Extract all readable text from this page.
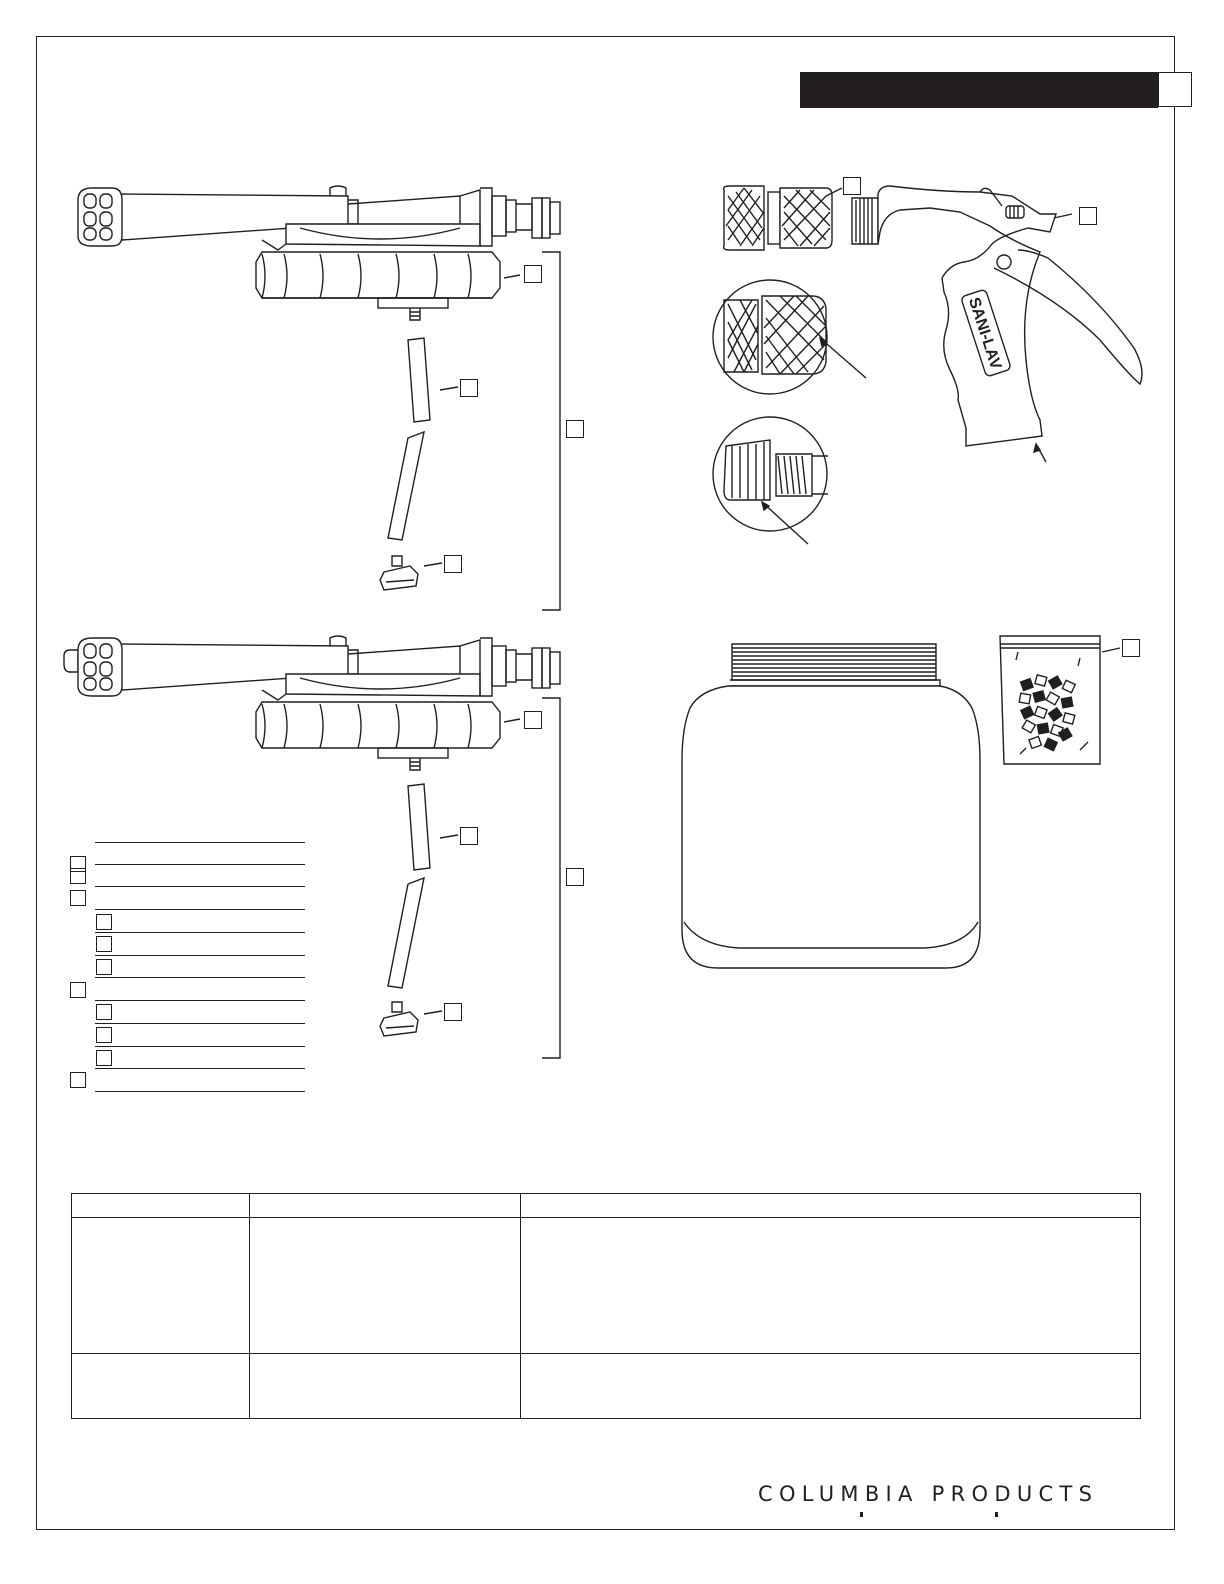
SANI-LAV

COLUMBIA PRODUCTS
